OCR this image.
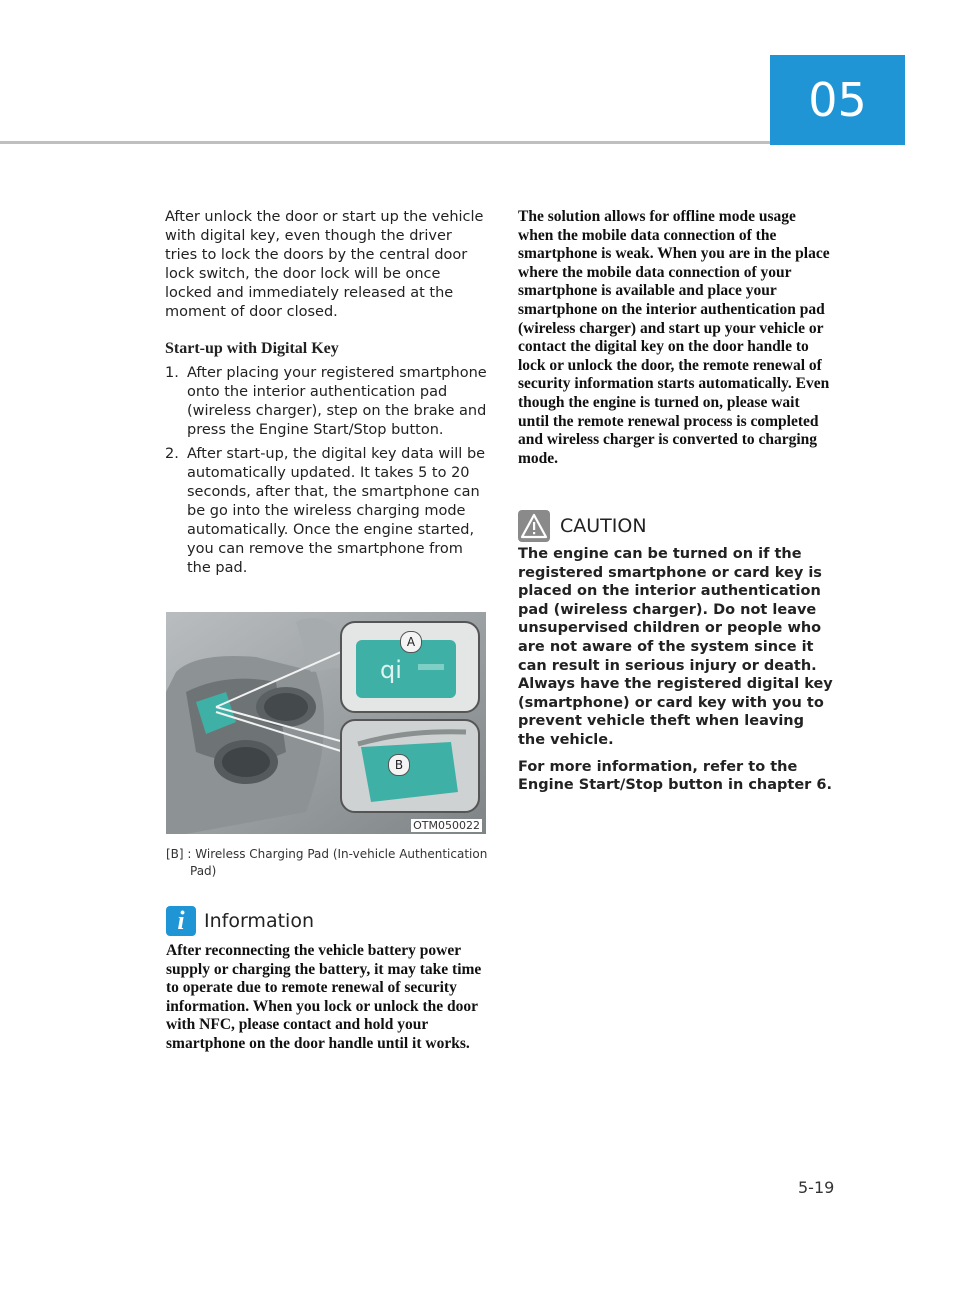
05

After unlock the door or start up the vehicle with digital key, even though the driver tries to lock the doors by the central door lock switch, the door lock will be once locked and immediately released at the moment of door closed.

Start-up with Digital Key
1. After placing your registered smartphone onto the interior authentication pad (wireless charger), step on the brake and press the Engine Start/Stop button.
2. After start-up, the digital key data will be automatically updated. It takes 5 to 20 seconds, after that, the smartphone can be go into the wireless charging mode automatically. Once the engine started, you can remove the smartphone from the pad.
qi
A
B
OTM050022
[B] : Wireless Charging Pad (In-vehicle Authentication
Pad)
i	Information

After reconnecting the vehicle battery power supply or charging the battery, it may take time to operate due to remote renewal of security information. When you lock or unlock the door with NFC, please contact and hold your smartphone on the door handle until it works.

The solution allows for offline mode usage when the mobile data connection of the smartphone is weak. When you are in the place where the mobile data connection of your smartphone is available and place your smartphone on the interior authentication pad (wireless charger) and start up your vehicle or contact the digital key on the door handle to lock or unlock the door, the remote renewal of security information starts automatically. Even though the engine is turned on, please wait until the remote renewal process is completed and wireless charger is converted to charging mode.

CAUTION

The engine can be turned on if the registered smartphone or card key is placed on the interior authentication pad (wireless charger). Do not leave unsupervised children or people who are not aware of the system since it can result in serious injury or death. Always have the registered digital key (smartphone) or card key with you to prevent vehicle theft when leaving the vehicle.

For more information, refer to the Engine Start/Stop button in chapter 6.

5-19
